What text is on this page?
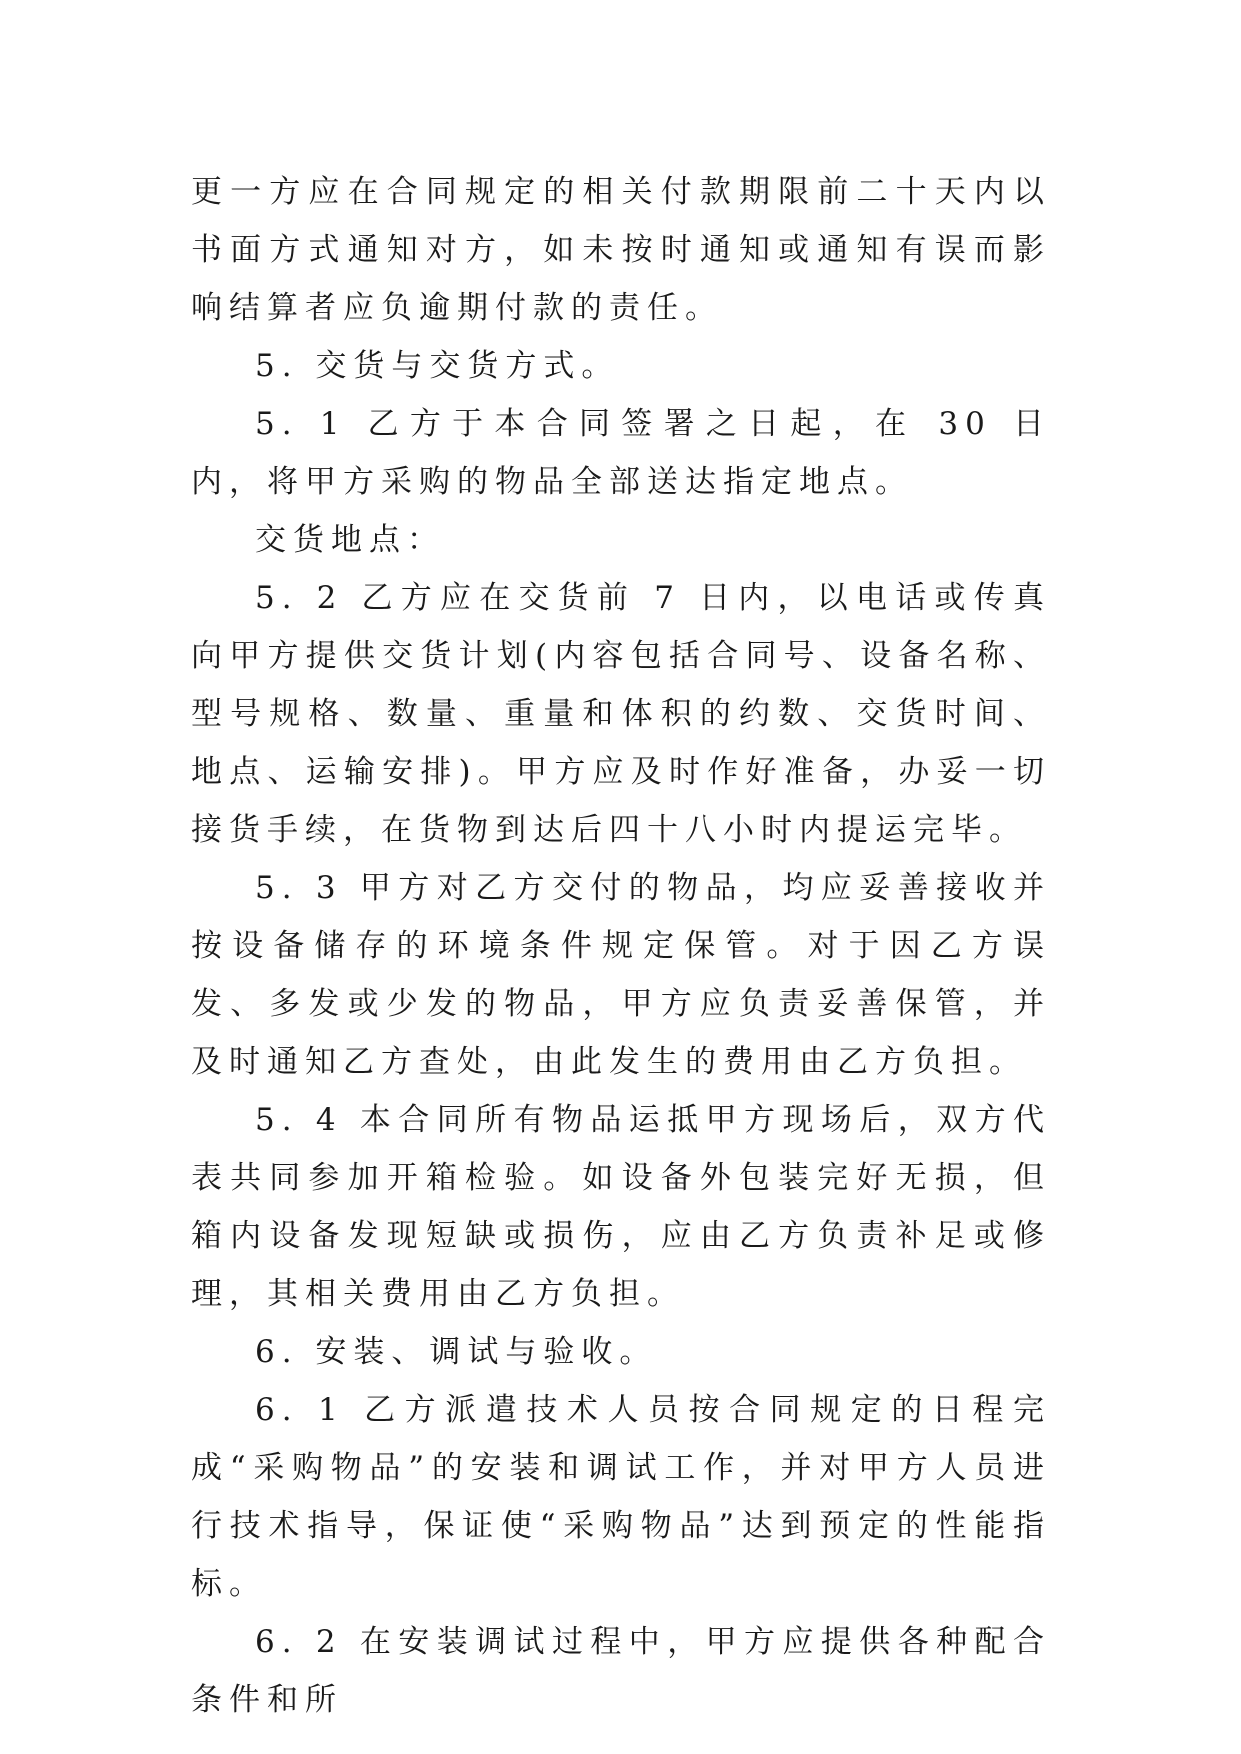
更一方应在合同规定的相关付款期限前二十天内以书面方式通知对方，如未按时通知或通知有误而影响结算者应负逾期付款的责任。

5. 交货与交货方式。

5. 1 乙方于本合同签署之日起，在 30 日内，将甲方采购的物品全部送达指定地点。

交货地点：

5. 2 乙方应在交货前 7 日内，以电话或传真向甲方提供交货计划(内容包括合同号、设备名称、型号规格、数量、重量和体积的约数、交货时间、地点、运输安排)。甲方应及时作好准备，办妥一切接货手续，在货物到达后四十八小时内提运完毕。

5. 3 甲方对乙方交付的物品，均应妥善接收并按设备储存的环境条件规定保管。对于因乙方误发、多发或少发的物品，甲方应负责妥善保管，并及时通知乙方查处，由此发生的费用由乙方负担。

5. 4 本合同所有物品运抵甲方现场后，双方代表共同参加开箱检验。如设备外包装完好无损，但箱内设备发现短缺或损伤，应由乙方负责补足或修理，其相关费用由乙方负担。

6. 安装、调试与验收。

6. 1 乙方派遣技术人员按合同规定的日程完成“采购物品”的安装和调试工作，并对甲方人员进行技术指导，保证使“采购物品”达到预定的性能指标。

6. 2 在安装调试过程中，甲方应提供各种配合条件和所
